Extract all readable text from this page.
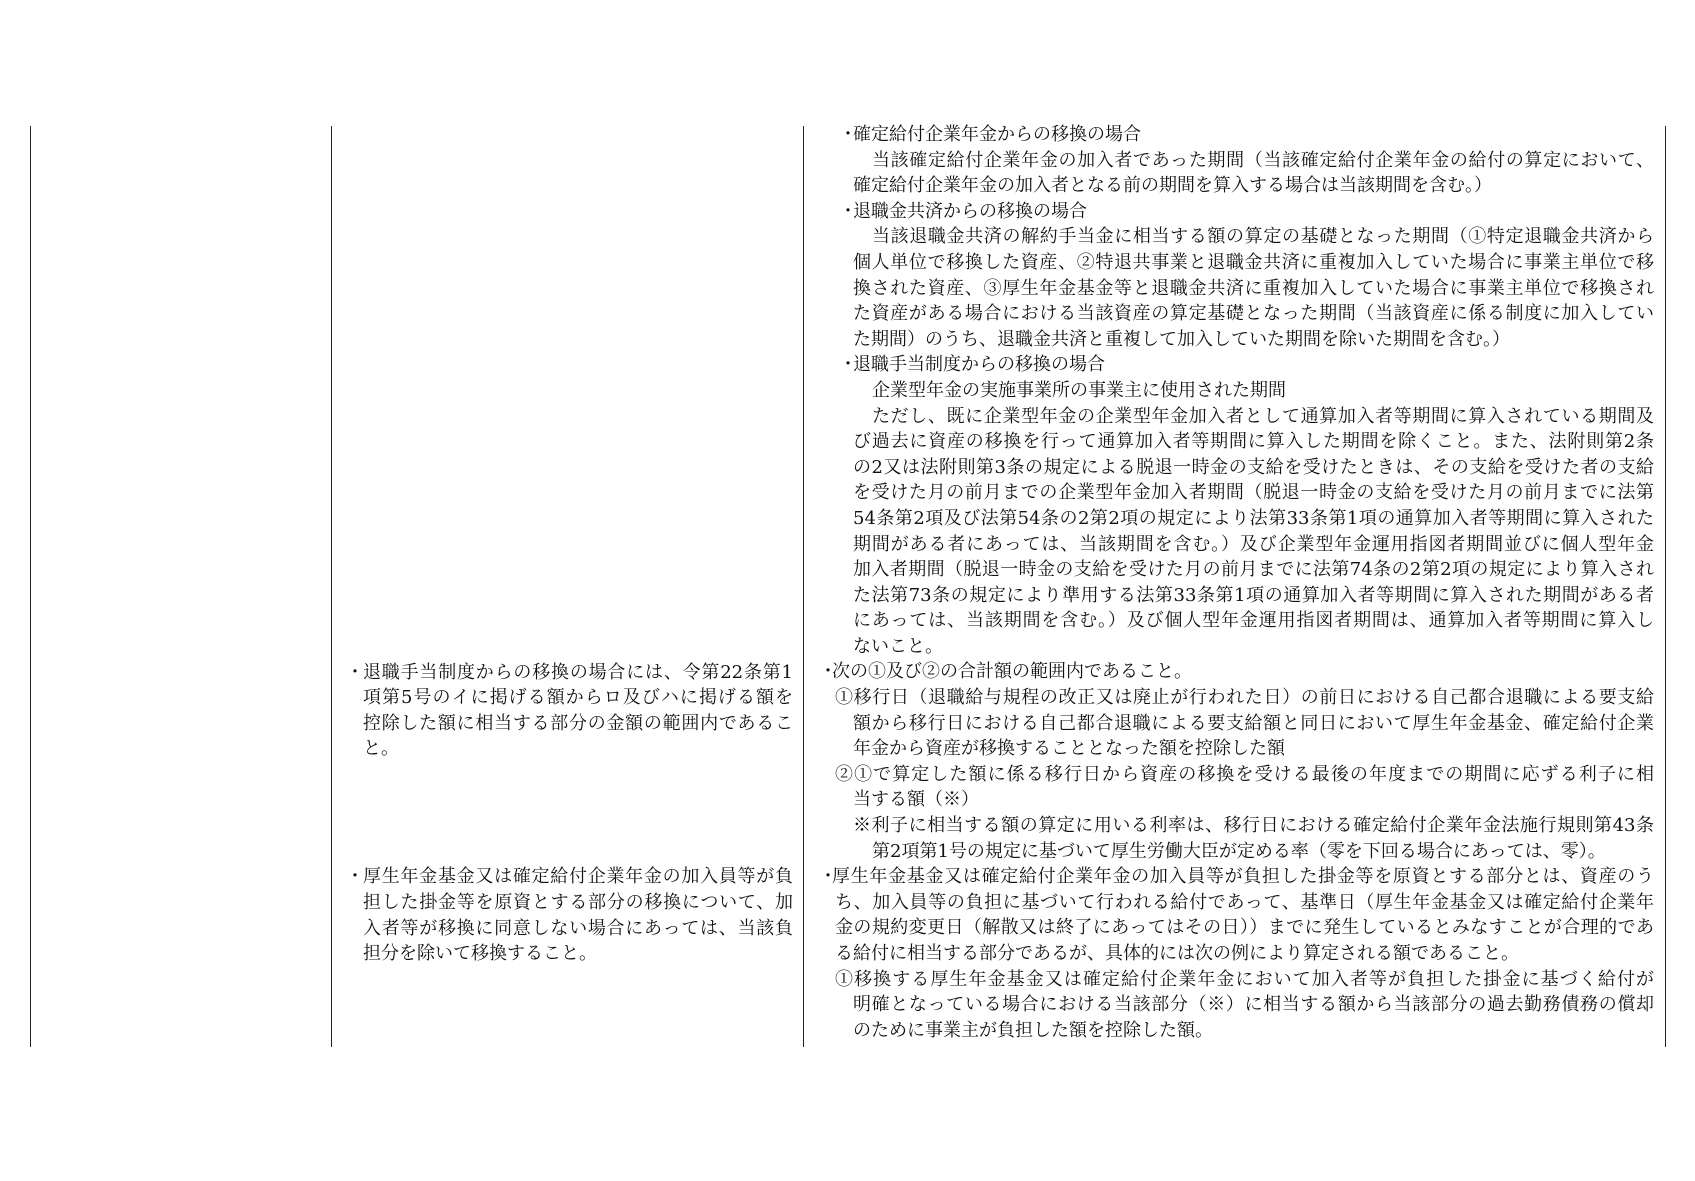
・ 退職手当制度からの移換の場合には、令第22条第1
項第5号のイに掲げる額からロ及びハに掲げる額を
控除した額に相当する部分の金額の範囲内であるこ
と。
・ 厚生年金基金又は確定給付企業年金の加入員等が負
担した掛金等を原資とする部分の移換について、加
入者等が移換に同意しない場合にあっては、当該負
担分を除いて移換すること。
・
確定給付企業年金からの移換の場合
当該確定給付企業年金の加入者であった期間（当該確定給付企業年金の給付の算定において、
確定給付企業年金の加入者となる前の期間を算入する場合は当該期間を含む。）
・
退職金共済からの移換の場合
当該退職金共済の解約手当金に相当する額の算定の基礎となった期間（①特定退職金共済から
個人単位で移換した資産、②特退共事業と退職金共済に重複加入していた場合に事業主単位で移
換された資産、③厚生年金基金等と退職金共済に重複加入していた場合に事業主単位で移換され
た資産がある場合における当該資産の算定基礎となった期間（当該資産に係る制度に加入してい
た期間）のうち、退職金共済と重複して加入していた期間を除いた期間を含む。）
・
退職手当制度からの移換の場合
企業型年金の実施事業所の事業主に使用された期間
ただし、既に企業型年金の企業型年金加入者として通算加入者等期間に算入されている期間及
び過去に資産の移換を行って通算加入者等期間に算入した期間を除くこと。また、法附則第2条
の2又は法附則第3条の規定による脱退一時金の支給を受けたときは、その支給を受けた者の支給
を受けた月の前月までの企業型年金加入者期間（脱退一時金の支給を受けた月の前月までに法第
54条第2項及び法第54条の2第2項の規定により法第33条第1項の通算加入者等期間に算入された
期間がある者にあっては、当該期間を含む。）及び企業型年金運用指図者期間並びに個人型年金
加入者期間（脱退一時金の支給を受けた月の前月までに法第74条の2第2項の規定により算入され
た法第73条の規定により準用する法第33条第1項の通算加入者等期間に算入された期間がある者
にあっては、当該期間を含む。）及び個人型年金運用指図者期間は、通算加入者等期間に算入し
ないこと。
・
次の①及び②の合計額の範囲内であること。
①移行日（退職給与規程の改正又は廃止が行われた日）の前日における自己都合退職による要支給
額から移行日における自己都合退職による要支給額と同日において厚生年金基金、確定給付企業
年金から資産が移換することとなった額を控除した額
②①で算定した額に係る移行日から資産の移換を受ける最後の年度までの期間に応ずる利子に相
当する額（※）
※利子に相当する額の算定に用いる利率は、移行日における確定給付企業年金法施行規則第43条
第2項第1号の規定に基づいて厚生労働大臣が定める率（零を下回る場合にあっては、零）。
・
厚生年金基金又は確定給付企業年金の加入員等が負担した掛金等を原資とする部分とは、資産のう
ち、加入員等の負担に基づいて行われる給付であって、基準日（厚生年金基金又は確定給付企業年
金の規約変更日（解散又は終了にあってはその日））までに発生しているとみなすことが合理的であ
る給付に相当する部分であるが、具体的には次の例により算定される額であること。
①移換する厚生年金基金又は確定給付企業年金において加入者等が負担した掛金に基づく給付が
明確となっている場合における当該部分（※）に相当する額から当該部分の過去勤務債務の償却
のために事業主が負担した額を控除した額。
